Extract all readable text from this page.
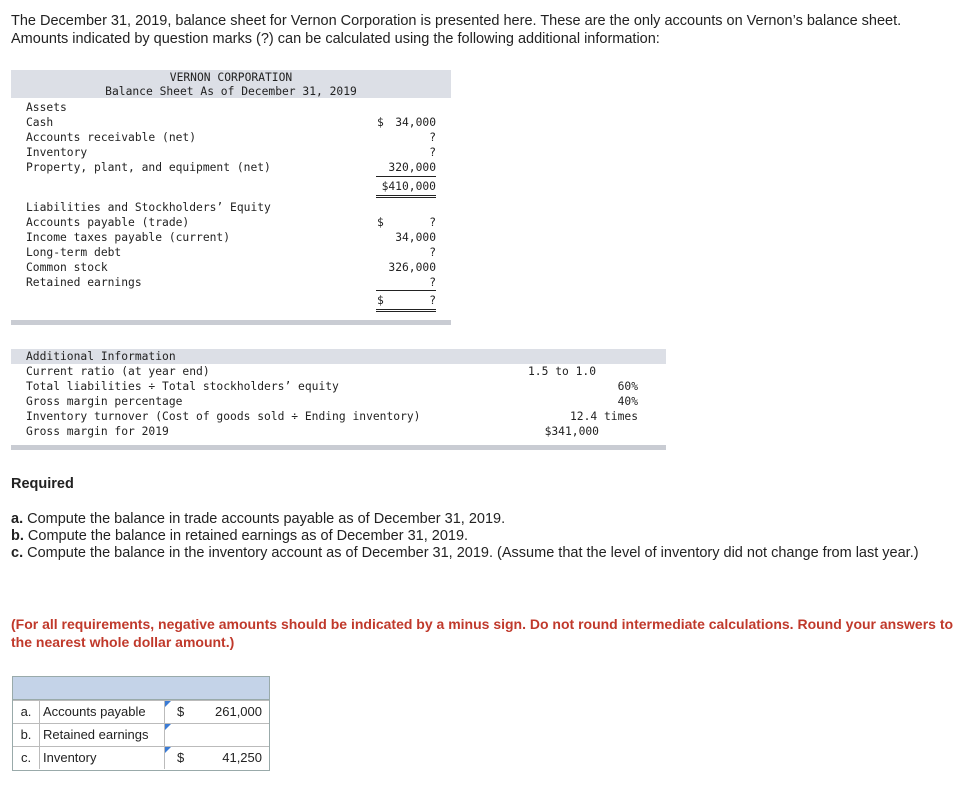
The December 31, 2019, balance sheet for Vernon Corporation is presented here. These are the only accounts on Vernon’s balance sheet. Amounts indicated by question marks (?) can be calculated using the following additional information:
VERNON CORPORATION
Balance Sheet As of December 31, 2019
Assets
Cash	$ 34,000
Accounts receivable (net)	?
Inventory	?
Property, plant, and equipment (net)	320,000
$410,000
Liabilities and Stockholders’ Equity
Accounts payable (trade)	$	?
Income taxes payable (current)	34,000
Long-term debt	?
Common stock	326,000
Retained earnings	?
$	?
Additional Information
Current ratio (at year end)	1.5 to 1.0
Total liabilities ÷ Total stockholders’ equity	60%
Gross margin percentage	40%
Inventory turnover (Cost of goods sold ÷ Ending inventory)	12.4 times
Gross margin for 2019	$341,000
Required
a. Compute the balance in trade accounts payable as of December 31, 2019.
b. Compute the balance in retained earnings as of December 31, 2019.
c. Compute the balance in the inventory account as of December 31, 2019. (Assume that the level of inventory did not change from last year.)
(For all requirements, negative amounts should be indicated by a minus sign. Do not round intermediate calculations. Round your answers to the nearest whole dollar amount.)
a. Accounts payable	$ 261,000
b. Retained earnings
c. Inventory	$	41,250
